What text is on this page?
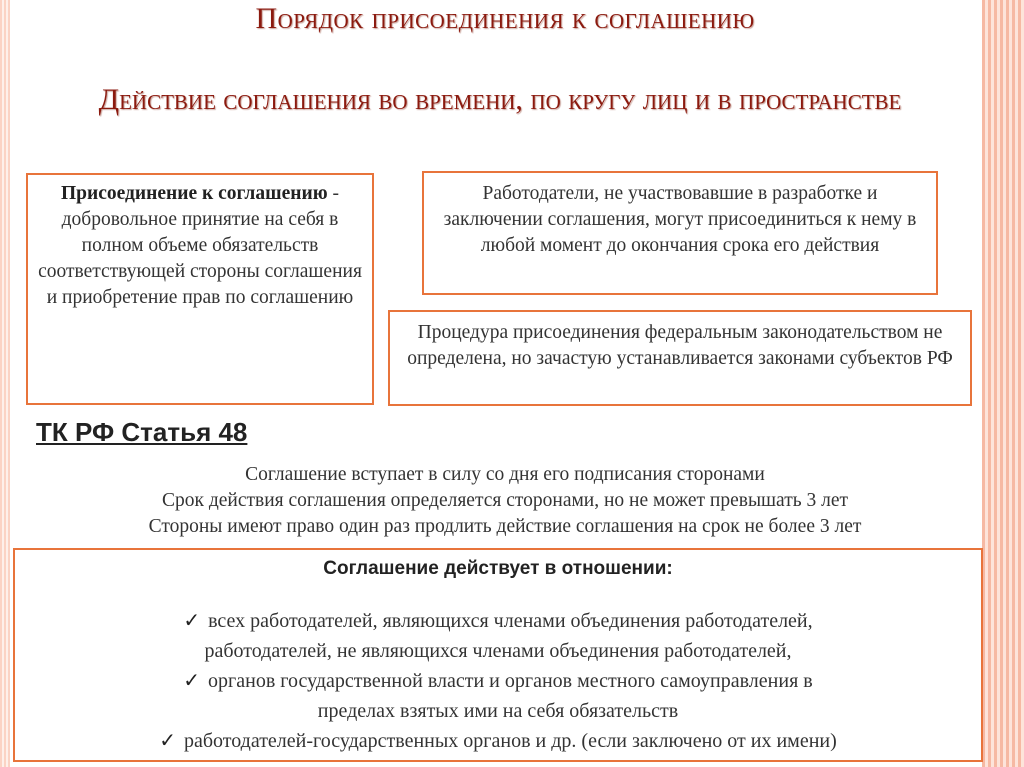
Порядок присоединения к соглашению
Действие соглашения во времени, по кругу лиц и в пространстве
Присоединение к соглашению - добровольное принятие на себя в полном объеме обязательств соответствующей стороны соглашения и приобретение прав по соглашению
Работодатели, не участвовавшие в разработке и заключении соглашения, могут присоединиться к нему в любой момент до окончания срока его действия
Процедура присоединения федеральным законодательством не определена, но зачастую устанавливается законами субъектов РФ
ТК РФ Статья 48
Соглашение вступает в силу со дня его подписания сторонами
Срок действия соглашения определяется сторонами, но не может превышать 3 лет
Стороны имеют право один раз продлить действие соглашения на срок не более 3 лет
Соглашение действует в отношении:
✓ всех работодателей, являющихся членами объединения работодателей,
работодателей, не являющихся членами объединения работодателей,
✓ органов государственной власти и органов местного самоуправления в
пределах взятых ими на себя обязательств
✓ работодателей-государственных органов и др. (если заключено от их имени)
